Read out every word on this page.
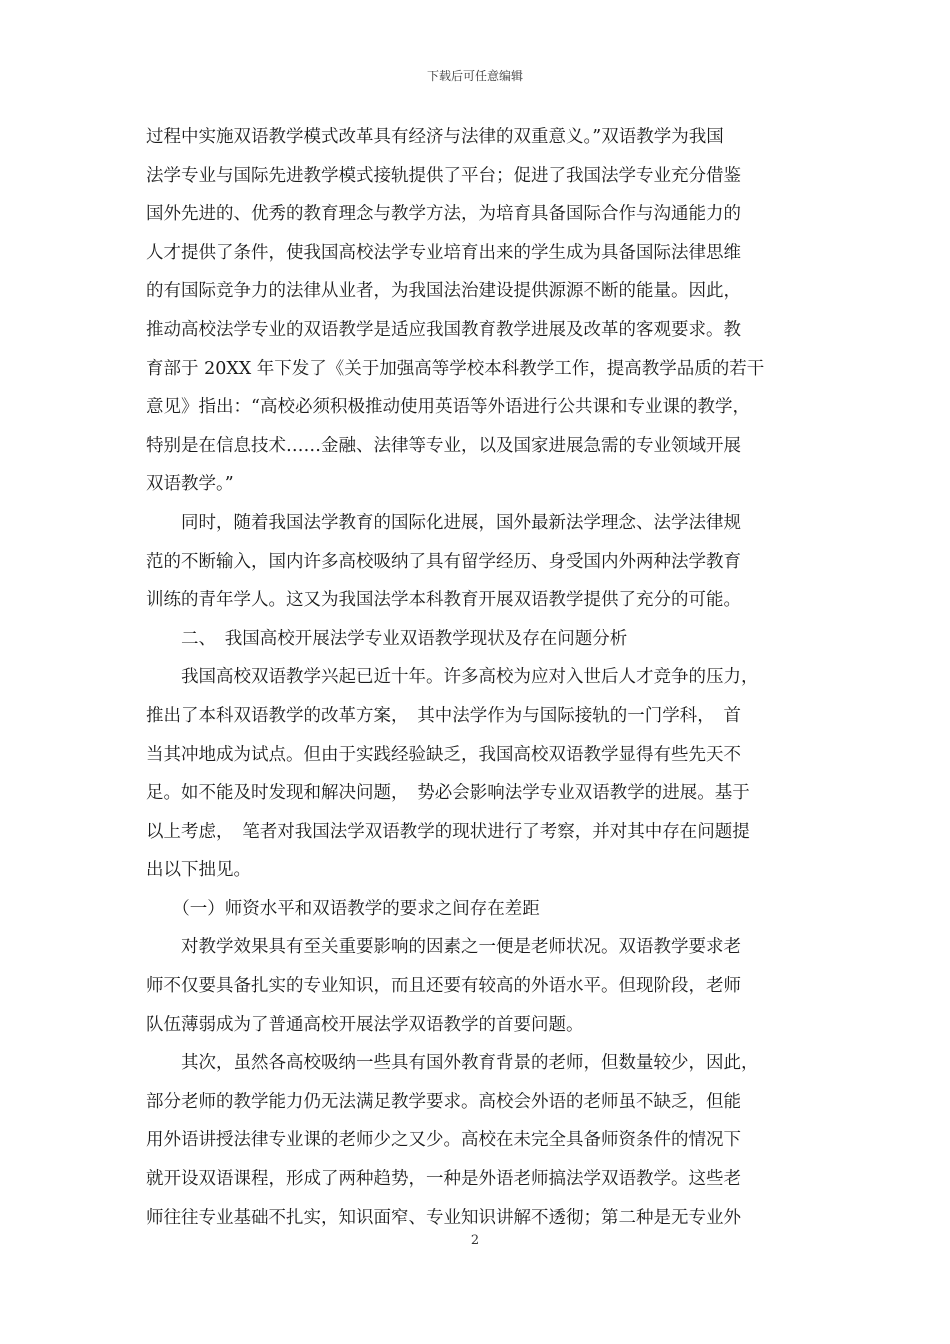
下载后可任意编辑
过程中实施双语教学模式改革具有经济与法律的双重意义。”双语教学为我国
法学专业与国际先进教学模式接轨提供了平台；促进了我国法学专业充分借鉴
国外先进的、优秀的教育理念与教学方法，为培育具备国际合作与沟通能力的
人才提供了条件，使我国高校法学专业培育出来的学生成为具备国际法律思维
的有国际竞争力的法律从业者，为我国法治建设提供源源不断的能量。因此，
推动高校法学专业的双语教学是适应我国教育教学进展及改革的客观要求。教
育部于 20XX 年下发了《关于加强高等学校本科教学工作，提高教学品质的若干
意见》指出：“高校必须积极推动使用英语等外语进行公共课和专业课的教学，
特别是在信息技术……金融、法律等专业，以及国家进展急需的专业领域开展
双语教学。”
　　同时，随着我国法学教育的国际化进展，国外最新法学理念、法学法律规
范的不断输入，国内许多高校吸纳了具有留学经历、身受国内外两种法学教育
训练的青年学人。这又为我国法学本科教育开展双语教学提供了充分的可能。
　　二、　我国高校开展法学专业双语教学现状及存在问题分析
　　我国高校双语教学兴起已近十年。许多高校为应对入世后人才竞争的压力，
推出了本科双语教学的改革方案，　其中法学作为与国际接轨的一门学科，　首
当其冲地成为试点。但由于实践经验缺乏，我国高校双语教学显得有些先天不
足。如不能及时发现和解决问题，　势必会影响法学专业双语教学的进展。基于
以上考虑，　笔者对我国法学双语教学的现状进行了考察，并对其中存在问题提
出以下拙见。
　　（一）师资水平和双语教学的要求之间存在差距
　　对教学效果具有至关重要影响的因素之一便是老师状况。双语教学要求老
师不仅要具备扎实的专业知识，而且还要有较高的外语水平。但现阶段，老师
队伍薄弱成为了普通高校开展法学双语教学的首要问题。
　　其次，虽然各高校吸纳一些具有国外教育背景的老师，但数量较少，因此，
部分老师的教学能力仍无法满足教学要求。高校会外语的老师虽不缺乏，但能
用外语讲授法律专业课的老师少之又少。高校在未完全具备师资条件的情况下
就开设双语课程，形成了两种趋势，一种是外语老师搞法学双语教学。这些老
师往往专业基础不扎实，知识面窄、专业知识讲解不透彻；第二种是无专业外
2
